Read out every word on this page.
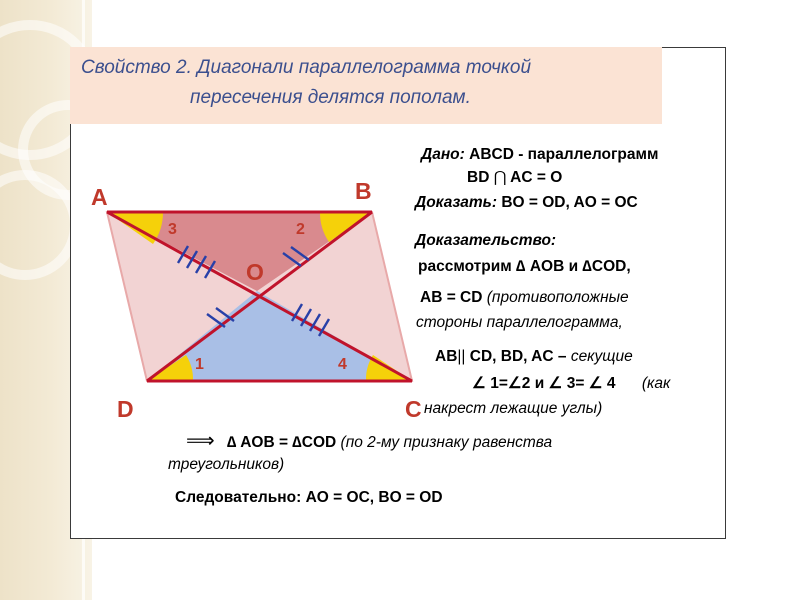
Свойство 2. Диагонали параллелограмма точкой
пересечения делятся пополам.
A	B
C
D
O
3	2
1	4
Дано: ABCD - параллелограмм
BD ⋂ AC = O
Доказать: BO = OD, AO = OC
Доказательство:
рассмотрим ∆ AOB и ∆COD,
AB = CD (противоположные
стороны параллелограмма,
AB|| CD, BD, AC – секущие
∠ 1=∠2 и ∠ 3= ∠ 4 (как
накрест лежащие углы)
⟹ ∆ AOB = ∆COD (по 2-му признаку равенства
треугольников)
Следовательно: AO = OC, BO = OD
